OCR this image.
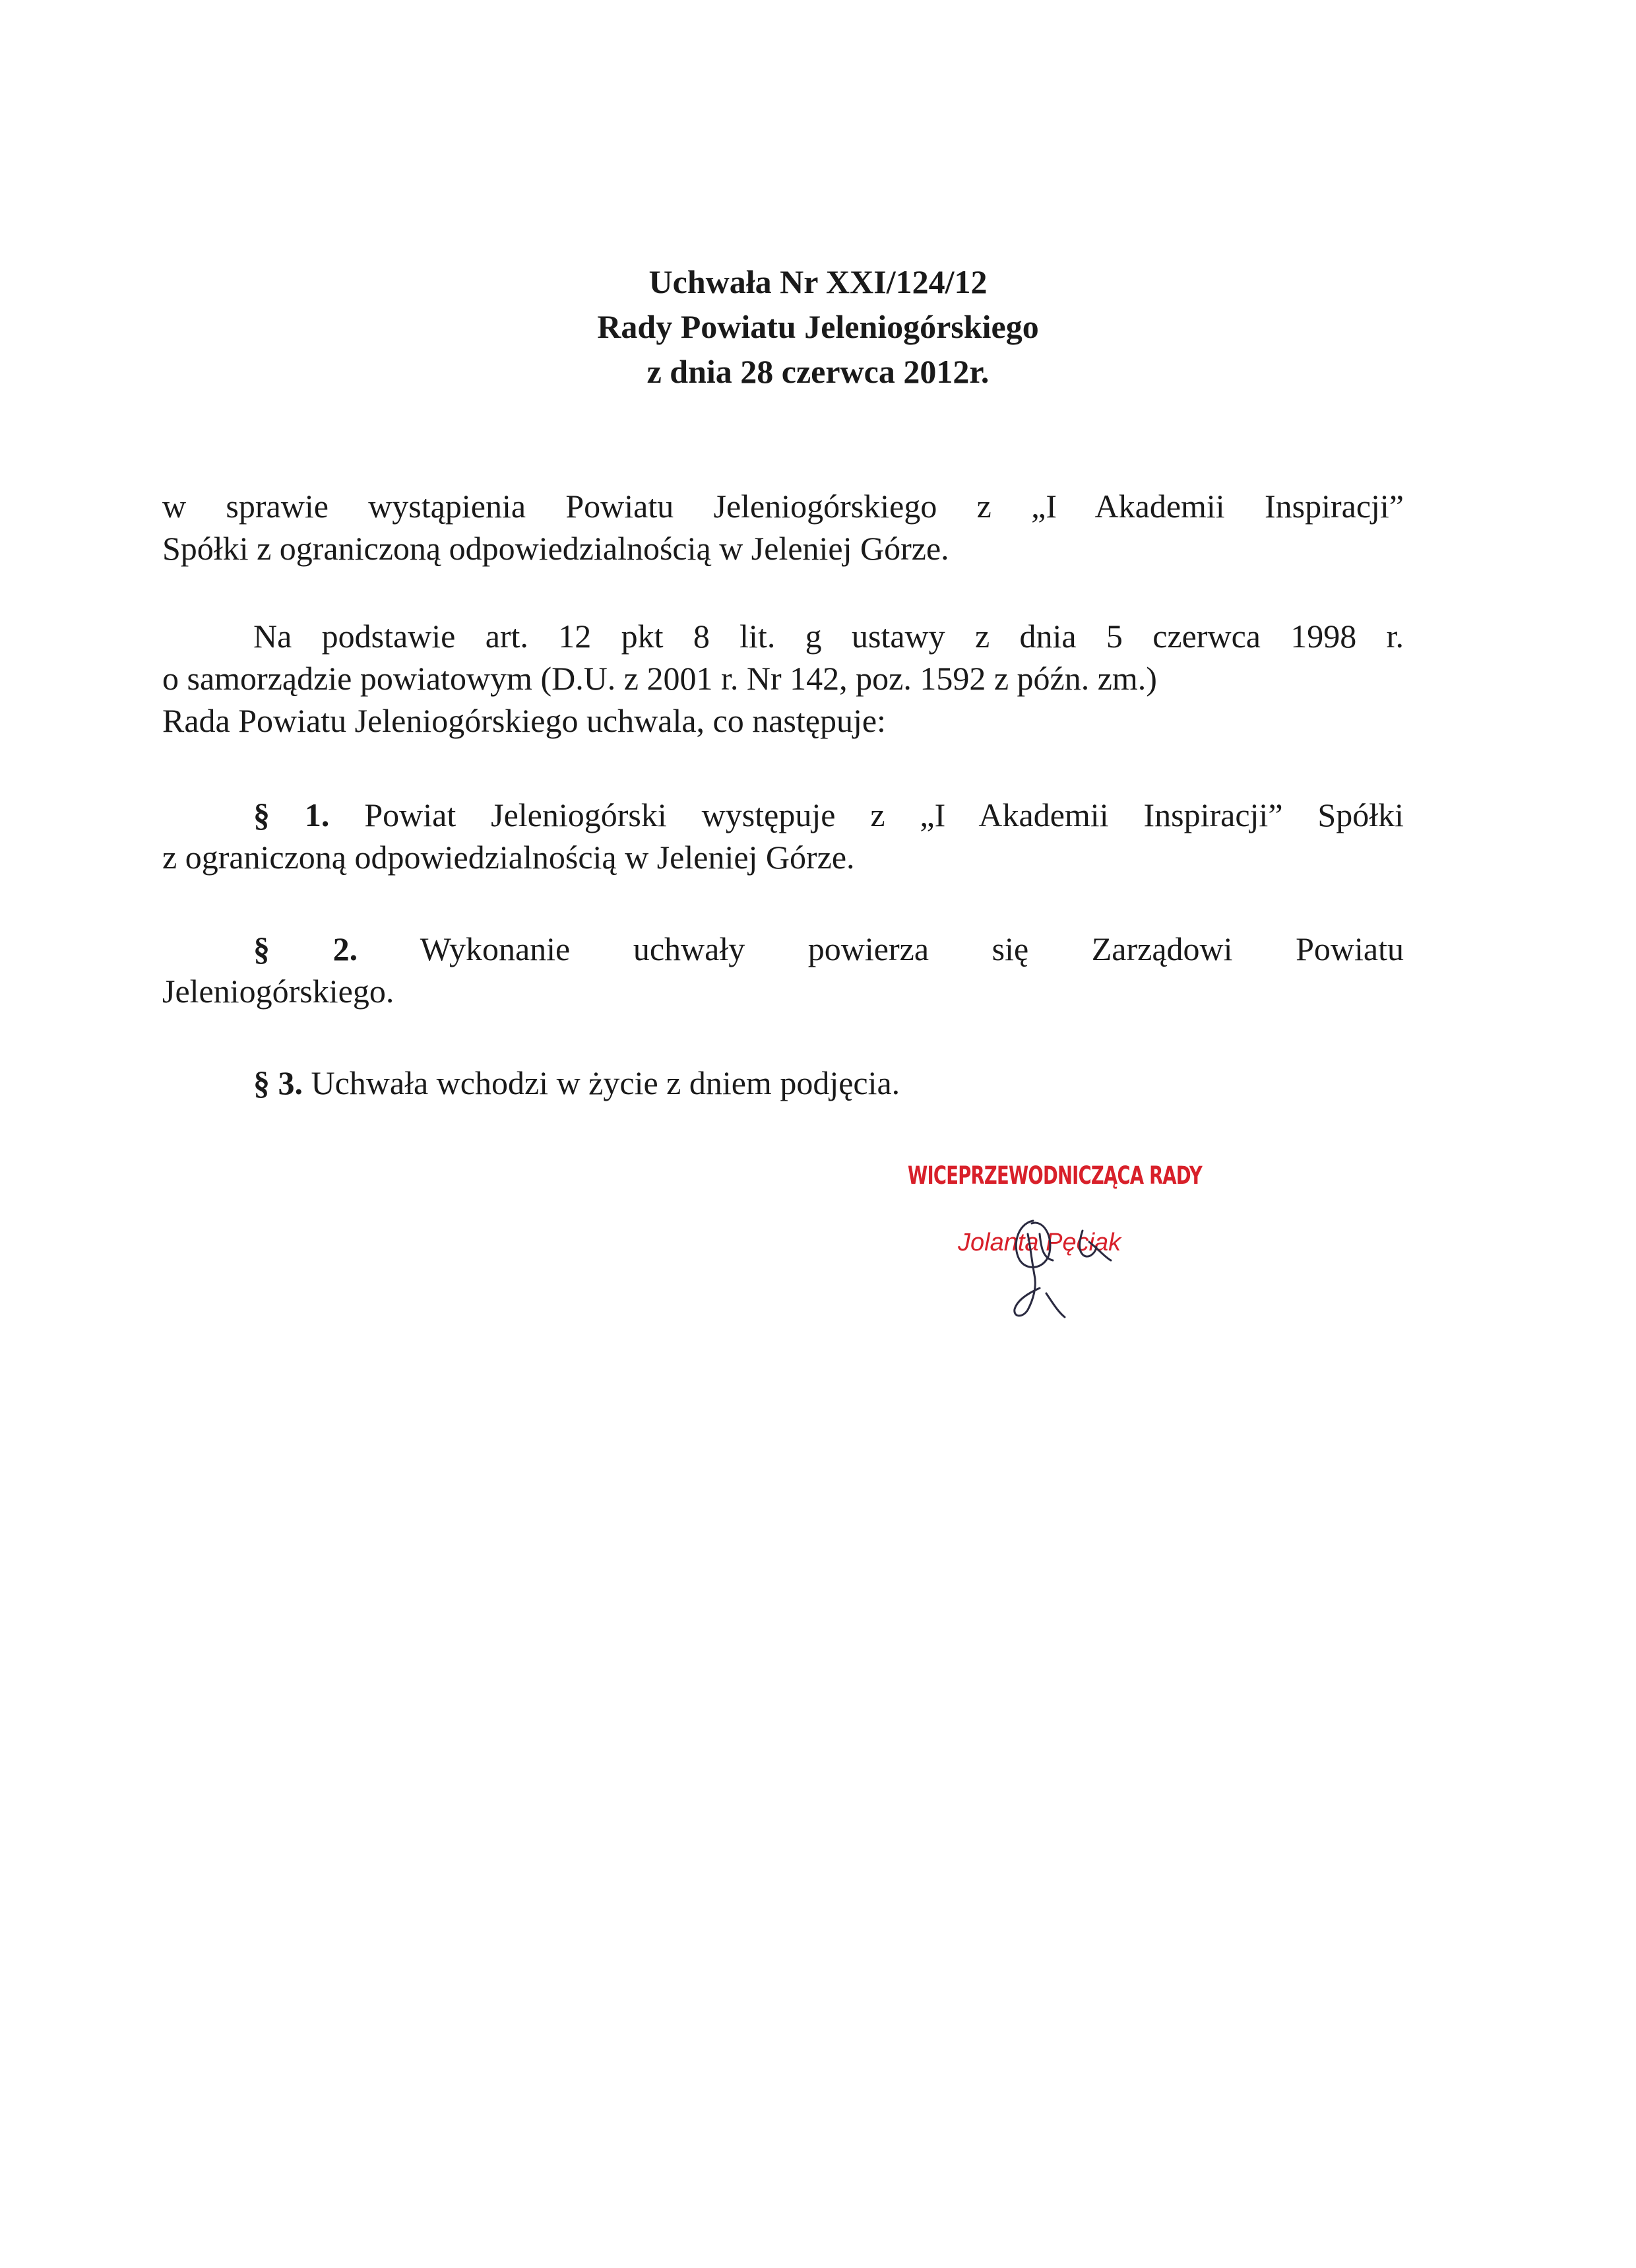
Uchwała Nr XXI/124/12
Rady Powiatu Jeleniogórskiego
z dnia 28 czerwca 2012r.
w sprawie wystąpienia Powiatu Jeleniogórskiego z „I Akademii Inspiracji”
Spółki z ograniczoną odpowiedzialnością w Jeleniej Górze.
Na podstawie art. 12 pkt 8 lit. g ustawy z dnia 5 czerwca 1998 r.
o samorządzie powiatowym (D.U. z 2001 r. Nr 142, poz. 1592 z późn. zm.)
Rada Powiatu Jeleniogórskiego uchwala, co następuje:
§ 1. Powiat Jeleniogórski występuje z „I Akademii Inspiracji” Spółki
z ograniczoną odpowiedzialnością w Jeleniej Górze.
§ 2. Wykonanie uchwały powierza się Zarządowi Powiatu
Jeleniogórskiego.
§ 3. Uchwała wchodzi w życie z dniem podjęcia.
WICEPRZEWODNICZĄCA RADY
Jolanta Pęciak
